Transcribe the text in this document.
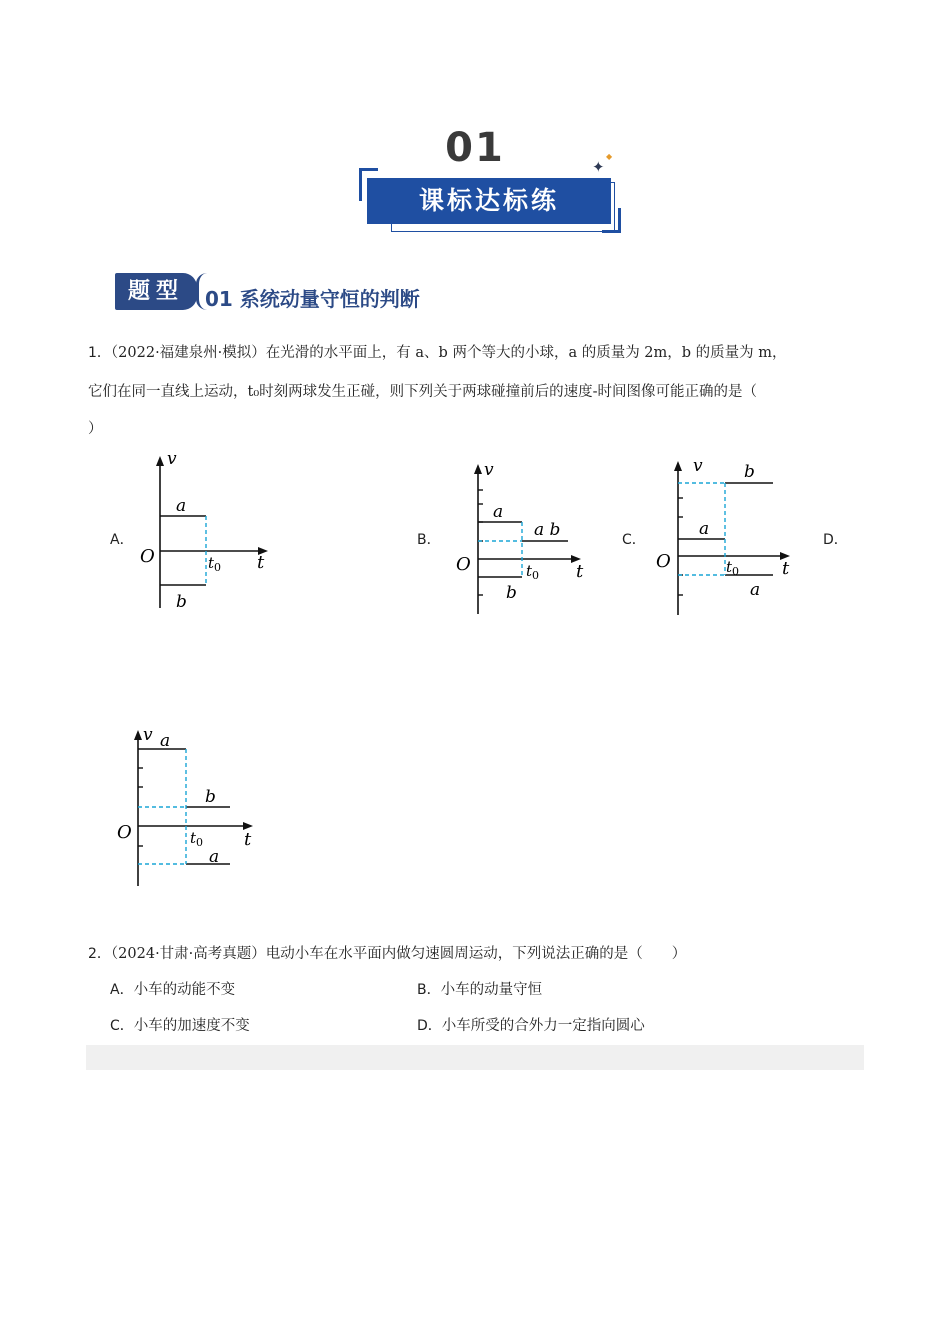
01	✦
◆
课标达标练
题型	01 系统动量守恒的判断
1．（2022·福建泉州·模拟）在光滑的水平面上，有 a、b 两个等大的小球，a 的质量为 2m，b 的质量为 m，
它们在同一直线上运动，t₀时刻两球发生正碰，则下列关于两球碰撞前后的速度-时间图像可能正确的是（
）
A．	B．	C．	D．
v
O	t
$t_0$
a
b
v
O	t
$t_0$
a
a b
b
v
O	t
$t_0$
a
b
a
v
O	t
$t_0$
a
b
a
2．（2024·甘肃·高考真题）电动小车在水平面内做匀速圆周运动，下列说法正确的是（　　）
A．小车的动能不变	B．小车的动量守恒
C．小车的加速度不变	D．小车所受的合外力一定指向圆心
